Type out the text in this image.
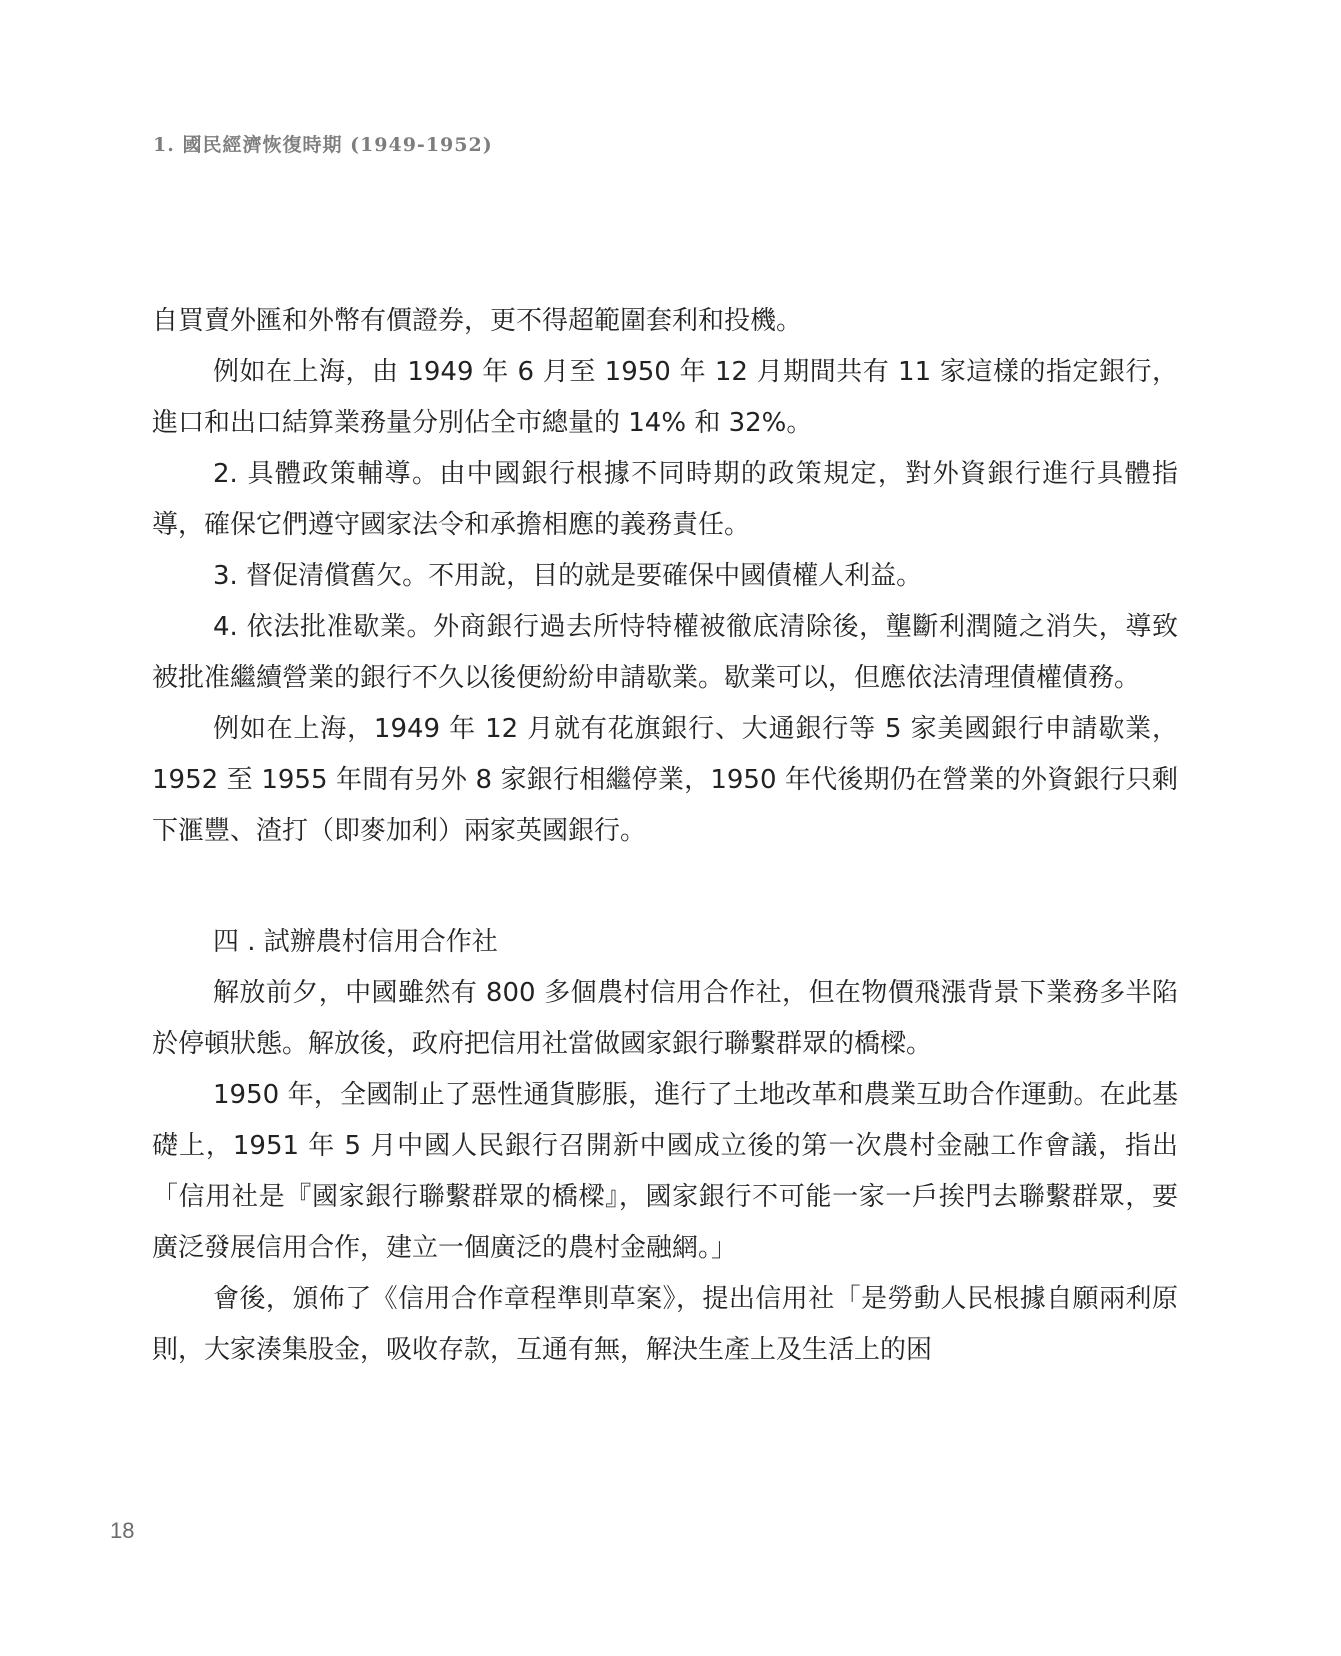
1. 國民經濟恢復時期 (1949-1952)

自買賣外匯和外幣有價證券，更不得超範圍套利和投機。

例如在上海，由 1949 年 6 月至 1950 年 12 月期間共有 11 家這樣的指定銀行，進口和出口結算業務量分別佔全市總量的 14% 和 32%。

2. 具體政策輔導。由中國銀行根據不同時期的政策規定，對外資銀行進行具體指導，確保它們遵守國家法令和承擔相應的義務責任。

3. 督促清償舊欠。不用說，目的就是要確保中國債權人利益。

4. 依法批准歇業。外商銀行過去所恃特權被徹底清除後，壟斷利潤隨之消失，導致被批准繼續營業的銀行不久以後便紛紛申請歇業。歇業可以，但應依法清理債權債務。

例如在上海，1949 年 12 月就有花旗銀行、大通銀行等 5 家美國銀行申請歇業，1952 至 1955 年間有另外 8 家銀行相繼停業，1950 年代後期仍在營業的外資銀行只剩下滙豐、渣打（即麥加利）兩家英國銀行。

四 . 試辦農村信用合作社

解放前夕，中國雖然有 800 多個農村信用合作社，但在物價飛漲背景下業務多半陷於停頓狀態。解放後，政府把信用社當做國家銀行聯繫群眾的橋樑。

1950 年，全國制止了惡性通貨膨脹，進行了土地改革和農業互助合作運動。在此基礎上，1951 年 5 月中國人民銀行召開新中國成立後的第一次農村金融工作會議，指出「信用社是『國家銀行聯繫群眾的橋樑』，國家銀行不可能一家一戶挨門去聯繫群眾，要廣泛發展信用合作，建立一個廣泛的農村金融網。」

會後，頒佈了《信用合作章程準則草案》，提出信用社「是勞動人民根據自願兩利原則，大家湊集股金，吸收存款，互通有無，解決生產上及生活上的困

18
